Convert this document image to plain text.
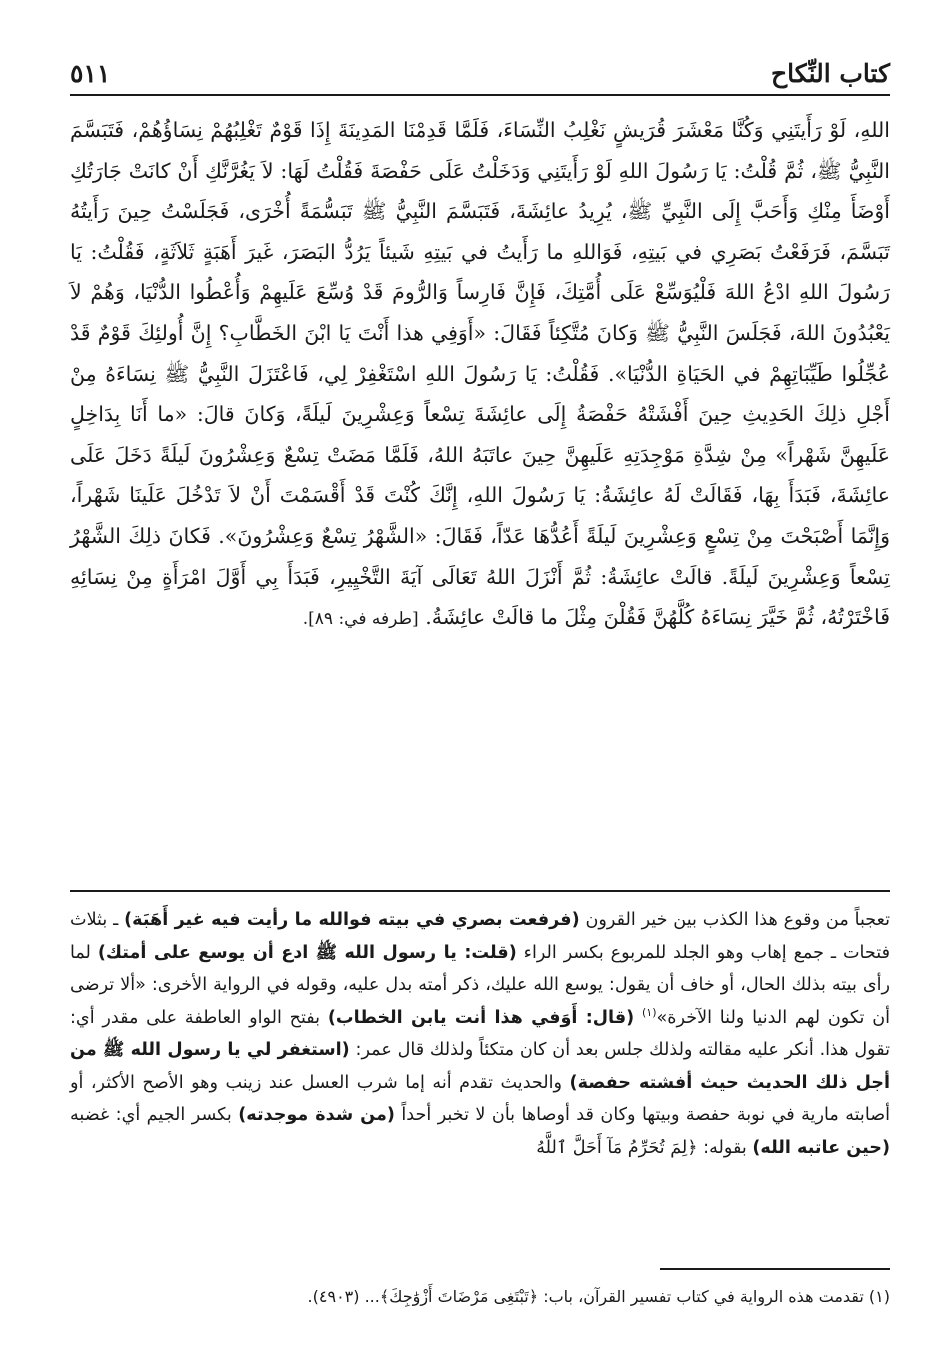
كتاب النِّكاح
٥١١
اللهِ، لَوْ رَأَيتَنِي وَكُنَّا مَعْشَرَ قُرَيشٍ نَغْلِبُ النِّسَاءَ، فَلَمَّا قَدِمْنَا المَدِينَةَ إِذَا قَوْمٌ تَغْلِبُهُمْ نِسَاؤُهُمْ، فَتَبَسَّمَ النَّبِيُّ ﷺ، ثُمَّ قُلْتُ: يَا رَسُولَ اللهِ لَوْ رَأَيتَنِي وَدَخَلْتُ عَلَى حَفْصَةَ فَقُلْتُ لَهَا: لاَ يَغُرَّنَّكِ أَنْ كانَتْ جَارَتُكِ أَوْضَأَ مِنْكِ وَأَحَبَّ إِلَى النَّبِيِّ ﷺ، يُرِيدُ عائِشَةَ، فَتَبَسَّمَ النَّبِيُّ ﷺ تَبَسُّمَةً أُخْرَى، فَجَلَسْتُ حِينَ رَأَيتُهُ تَبَسَّمَ، فَرَفَعْتُ بَصَرِي في بَيتِهِ، فَوَاللهِ ما رَأَيتُ في بَيتِهِ شَيئاً يَرُدُّ البَصَرَ، غَيرَ أَهَبَةٍ ثَلاَثَةٍ، فَقُلْتُ: يَا رَسُولَ اللهِ ادْعُ اللهَ فَلْيُوَسِّعْ عَلَى أُمَّتِكَ، فَإِنَّ فَارِساً وَالرُّومَ قَدْ وُسِّعَ عَلَيهِمْ وَأُعْطُوا الدُّنْيَا، وَهُمْ لاَ يَعْبُدُونَ اللهَ، فَجَلَسَ النَّبِيُّ ﷺ وَكانَ مُتَّكِئاً فَقَالَ: «أَوَفِي هذا أَنْتَ يَا ابْنَ الخَطَّابِ؟ إِنَّ أُولئِكَ قَوْمٌ قَدْ عُجِّلُوا طَيِّبَاتِهِمْ في الحَيَاةِ الدُّنْيَا». فَقُلْتُ: يَا رَسُولَ اللهِ اسْتَغْفِرْ لِي، فَاعْتَزَلَ النَّبِيُّ ﷺ نِسَاءَهُ مِنْ أَجْلِ ذلِكَ الحَدِيثِ حِينَ أَفْشَتْهُ حَفْصَةُ إِلَى عائِشَةَ تِسْعاً وَعِشْرِينَ لَيلَةً، وَكانَ قالَ: «ما أَنَا بِدَاخِلٍ عَلَيهِنَّ شَهْراً» مِنْ شِدَّةِ مَوْجِدَتِهِ عَلَيهِنَّ حِينَ عاتَبَهُ اللهُ، فَلَمَّا مَضَتْ تِسْعٌ وَعِشْرُونَ لَيلَةً دَخَلَ عَلَى عائِشَةَ، فَبَدَأَ بِهَا، فَقَالَتْ لَهُ عائِشَةُ: يَا رَسُولَ اللهِ، إِنَّكَ كُنْتَ قَدْ أَقْسَمْتَ أَنْ لاَ تَدْخُلَ عَلَينَا شَهْراً، وَإِنَّمَا أَصْبَحْتَ مِنْ تِسْعٍ وَعِشْرِينَ لَيلَةً أَعُدُّهَا عَدّاً، فَقَالَ: «الشَّهْرُ تِسْعٌ وَعِشْرُونَ». فَكانَ ذلِكَ الشَّهْرُ تِسْعاً وَعِشْرِينَ لَيلَةً. قالَتْ عائِشَةُ: ثُمَّ أَنْزَلَ اللهُ تَعَالَى آيَةَ التَّخْيِيرِ، فَبَدَأَ بِي أَوَّلَ امْرَأَةٍ مِنْ نِسَائِهِ فَاخْتَرْتُهُ، ثُمَّ خَيَّرَ نِسَاءَهُ كُلَّهُنَّ فَقُلْنَ مِثْلَ ما قالَتْ عائِشَةُ. [طرفه في: ٨٩].
تعجباً من وقوع هذا الكذب بين خير القرون (فرفعت بصري في بيته فوالله ما رأيت فيه غير أَهَبَة) ـ بثلاث فتحات ـ جمع إهاب وهو الجلد للمربوع بكسر الراء (قلت: يا رسول الله ﷺ ادع أن يوسع على أمتك) لما رأى بيته بذلك الحال، أو خاف أن يقول: يوسع الله عليك، ذكر أمته بدل عليه، وقوله في الرواية الأخرى: «ألا ترضى أن تكون لهم الدنيا ولنا الآخرة»$^{(١)}$ (قال: أَوَفي هذا أنت يابن الخطاب) بفتح الواو العاطفة على مقدر أي: تقول هذا. أنكر عليه مقالته ولذلك جلس بعد أن كان متكئاً ولذلك قال عمر: (استغفر لي يا رسول الله ﷺ من أجل ذلك الحديث حيث أفشته حفصة) والحديث تقدم أنه إما شرب العسل عند زينب وهو الأصح الأكثر، أو أصابته مارية في نوبة حفصة وبيتها وكان قد أوصاها بأن لا تخبر أحداً (من شدة موجدته) بكسر الجيم أي: غضبه (حين عاتبه الله) بقوله: ﴿لِمَ تُحَرِّمُ مَآ أَحَلَّ ٱللَّهُ
(١) تقدمت هذه الرواية في كتاب تفسير القرآن، باب: ﴿تَبْتَغِى مَرْضَاتَ أَزْوَٰجِكَ﴾... (٤٩٠٣).
